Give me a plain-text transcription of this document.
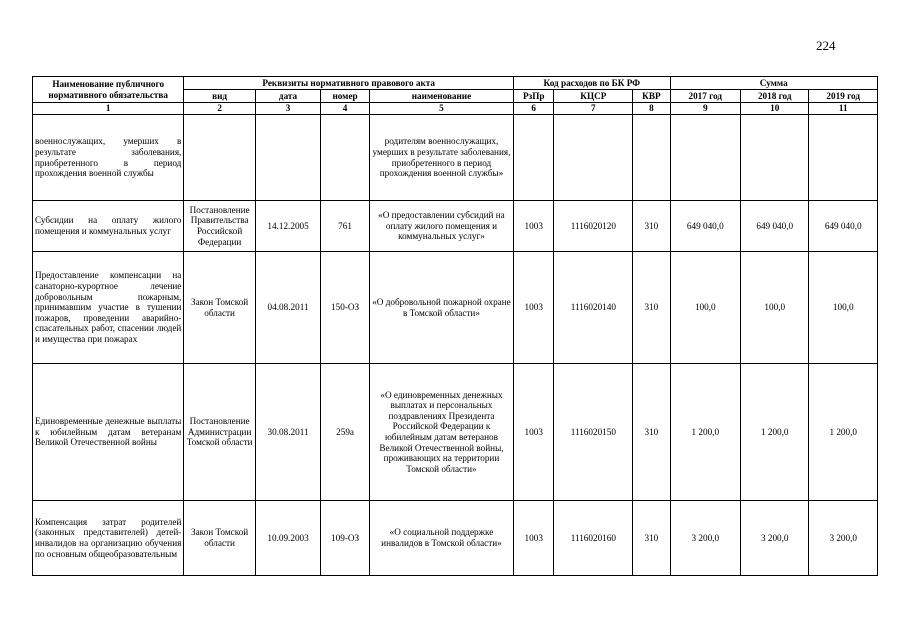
224
Наименование публичного нормативного обязательства	Реквизиты нормативного правового акта				Код расходов по БК РФ			Сумма		
	вид	дата	номер	наименование	РзПр	КЦСР	КВР	2017 год	2018 год	2019 год
1	2	3	4	5	6	7	8	9	10	11
военнослужащих, умерших в результате заболевания, приобретенного в период прохождения военной службы				родителям военнослужащих, умерших в результате заболевания, приобретенного в период прохождения военной службы»						
Субсидии на оплату жилого помещения и коммунальных услуг	Постановление Правительства Российской Федерации	14.12.2005	761	«О предоставлении субсидий на оплату жилого помещения и коммунальных услуг»	1003	1116020120	310	649 040,0	649 040,0	649 040,0
Предоставление компенсации на санаторно-курортное лечение добровольным пожарным, принимавшим участие в тушении пожаров, проведении аварийно-спасательных работ, спасении людей и имущества при пожарах	Закон Томской области	04.08.2011	150-ОЗ	«О добровольной пожарной охране в Томской области»	1003	1116020140	310	100,0	100,0	100,0
Единовременные денежные выплаты к юбилейным датам ветеранам Великой Отечественной войны	Постановление Администрации Томской области	30.08.2011	259а	«О единовременных денежных выплатах и персональных поздравлениях Президента Российской Федерации к юбилейным датам ветеранов Великой Отечественной войны, проживающих на территории Томской области»	1003	1116020150	310	1 200,0	1 200,0	1 200,0
Компенсация затрат родителей (законных представителей) детей-инвалидов на организацию обучения по основным общеобразовательным	Закон Томской области	10.09.2003	109-ОЗ	«О социальной поддержке инвалидов в Томской области»	1003	1116020160	310	3 200,0	3 200,0	3 200,0
